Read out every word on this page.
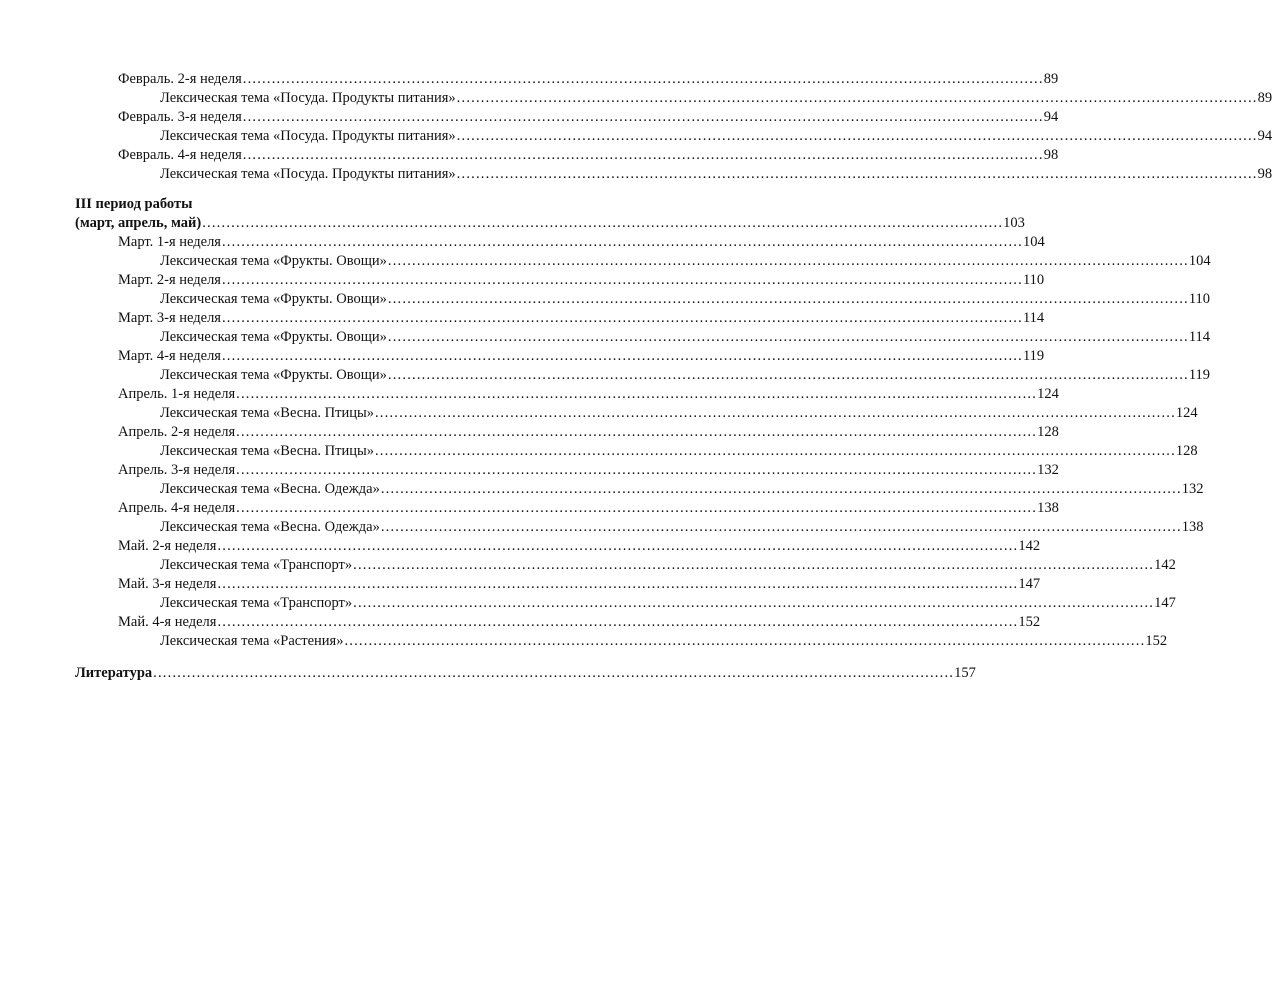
Февраль. 2-я неделя ...................................................................................................................................................................... 89
Лексическая тема «Посуда. Продукты питания» ...................................................................................................................................................................... 89
Февраль. 3-я неделя ...................................................................................................................................................................... 94
Лексическая тема «Посуда. Продукты питания» ...................................................................................................................................................................... 94
Февраль. 4-я неделя ...................................................................................................................................................................... 98
Лексическая тема «Посуда. Продукты питания» ...................................................................................................................................................................... 98
III период работы
(март, апрель, май) ...................................................................................................................................................................... 103
Март. 1-я неделя ...................................................................................................................................................................... 104
Лексическая тема «Фрукты. Овощи» ...................................................................................................................................................................... 104
Март. 2-я неделя ...................................................................................................................................................................... 110
Лексическая тема «Фрукты. Овощи» ...................................................................................................................................................................... 110
Март. 3-я неделя ...................................................................................................................................................................... 114
Лексическая тема «Фрукты. Овощи» ...................................................................................................................................................................... 114
Март. 4-я неделя ...................................................................................................................................................................... 119
Лексическая тема «Фрукты. Овощи» ...................................................................................................................................................................... 119
Апрель. 1-я неделя ...................................................................................................................................................................... 124
Лексическая тема «Весна. Птицы» ...................................................................................................................................................................... 124
Апрель. 2-я неделя ...................................................................................................................................................................... 128
Лексическая тема «Весна. Птицы» ...................................................................................................................................................................... 128
Апрель. 3-я неделя ...................................................................................................................................................................... 132
Лексическая тема «Весна. Одежда» ...................................................................................................................................................................... 132
Апрель. 4-я неделя ...................................................................................................................................................................... 138
Лексическая тема «Весна. Одежда» ...................................................................................................................................................................... 138
Май. 2-я неделя ...................................................................................................................................................................... 142
Лексическая тема «Транспорт» ...................................................................................................................................................................... 142
Май. 3-я неделя ...................................................................................................................................................................... 147
Лексическая тема «Транспорт» ...................................................................................................................................................................... 147
Май. 4-я неделя ...................................................................................................................................................................... 152
Лексическая тема «Растения» ...................................................................................................................................................................... 152
Литература ...................................................................................................................................................................... 157
